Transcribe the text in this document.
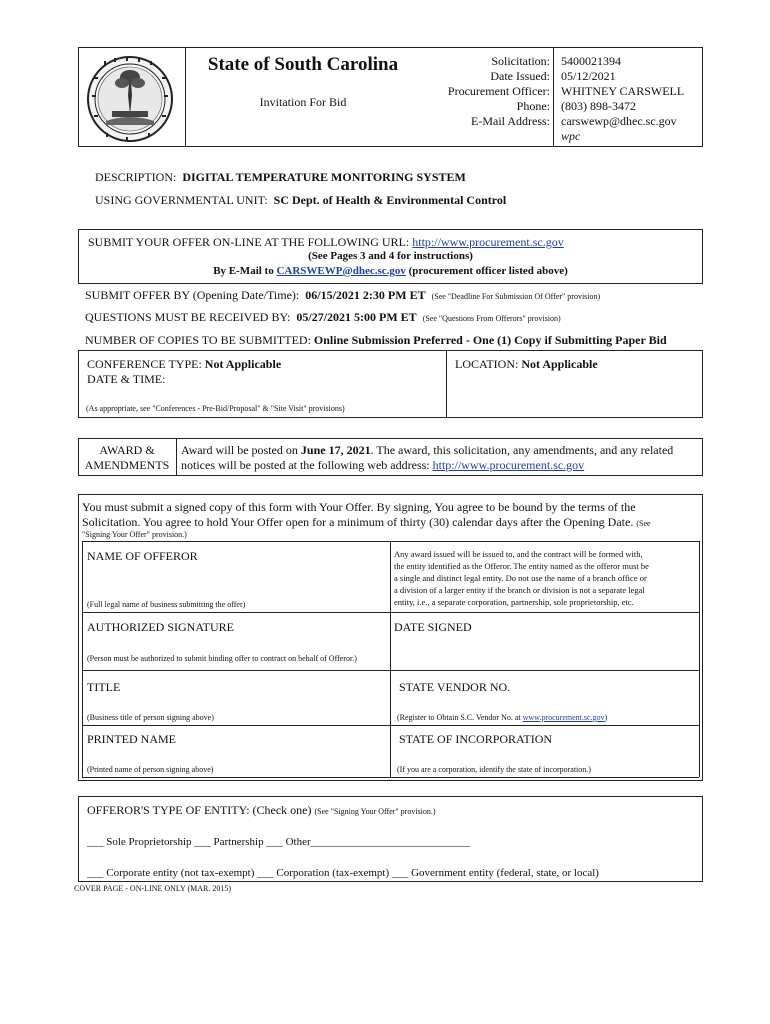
State of South Carolina
Invitation For Bid
Solicitation:
Date Issued:
Procurement Officer:
Phone:
E-Mail Address:
5400021394
05/12/2021
WHITNEY CARSWELL
(803) 898-3472
carswewp@dhec.sc.gov
wpc
DESCRIPTION: DIGITAL TEMPERATURE MONITORING SYSTEM
USING GOVERNMENTAL UNIT: SC Dept. of Health & Environmental Control
SUBMIT YOUR OFFER ON-LINE AT THE FOLLOWING URL: http://www.procurement.sc.gov
(See Pages 3 and 4 for instructions)
By E-Mail to CARSWEWP@dhec.sc.gov (procurement officer listed above)
SUBMIT OFFER BY (Opening Date/Time): 06/15/2021 2:30 PM ET (See "Deadline For Submission Of Offer" provision)
QUESTIONS MUST BE RECEIVED BY: 05/27/2021 5:00 PM ET (See "Questions From Offerors" provision)
NUMBER OF COPIES TO BE SUBMITTED: Online Submission Preferred - One (1) Copy if Submitting Paper Bid
CONFERENCE TYPE: Not Applicable
DATE & TIME:
(As appropriate, see "Conferences - Pre-Bid/Proposal" & "Site Visit" provisions)
LOCATION: Not Applicable
AWARD &
AMENDMENTS
Award will be posted on June 17, 2021. The award, this solicitation, any amendments, and any related
notices will be posted at the following web address: http://www.procurement.sc.gov
You must submit a signed copy of this form with Your Offer. By signing, You agree to be bound by the terms of the
Solicitation. You agree to hold Your Offer open for a minimum of thirty (30) calendar days after the Opening Date. (See
"Signing Your Offer" provision.)
NAME OF OFFEROR
(Full legal name of business submitting the offer)
Any award issued will be issued to, and the contract will be formed with,
the entity identified as the Offeror. The entity named as the offeror must be
a single and distinct legal entity. Do not use the name of a branch office or
a division of a larger entity if the branch or division is not a separate legal
entity, i.e., a separate corporation, partnership, sole proprietorship, etc.
AUTHORIZED SIGNATURE
(Person must be authorized to submit binding offer to contract on behalf of Offeror.)
DATE SIGNED
TITLE
(Business title of person signing above)
STATE VENDOR NO.
(Register to Obtain S.C. Vendor No. at www.procurement.sc.gov)
PRINTED NAME
(Printed name of person signing above)
STATE OF INCORPORATION
(If you are a corporation, identify the state of incorporation.)
OFFEROR'S TYPE OF ENTITY: (Check one) (See "Signing Your Offer" provision.)
___ Sole Proprietorship ___ Partnership ___ Other_____________________________
___ Corporate entity (not tax-exempt) ___ Corporation (tax-exempt) ___ Government entity (federal, state, or local)
COVER PAGE - ON-LINE ONLY (MAR. 2015)
